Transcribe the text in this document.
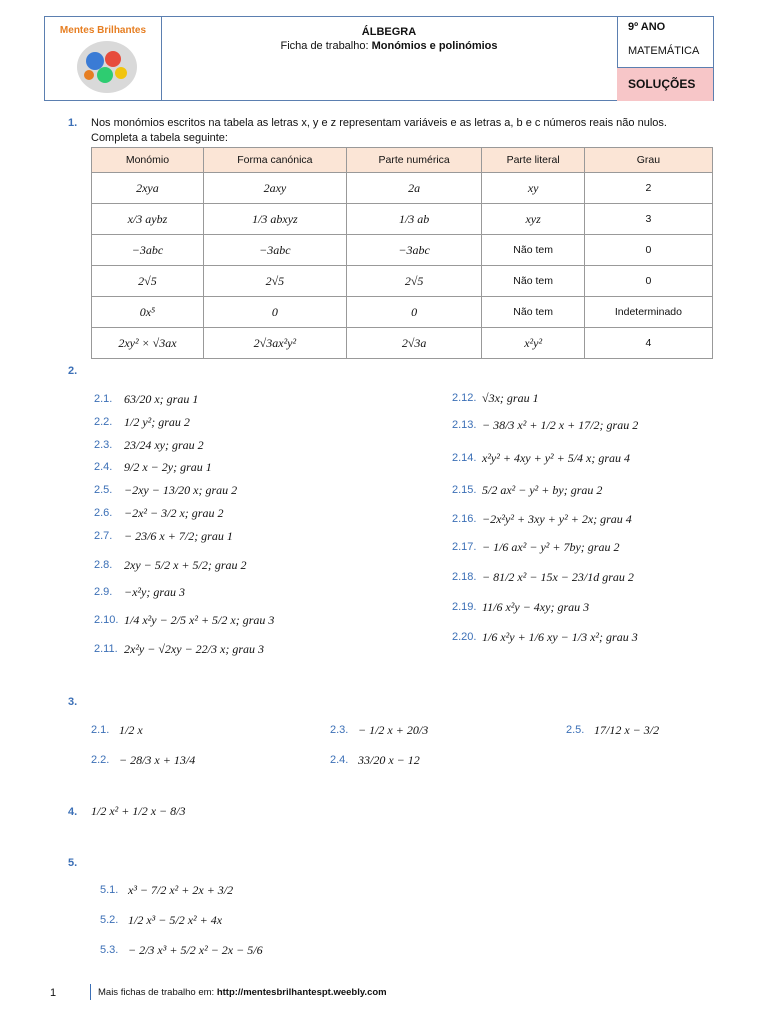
Mentes Brilhantes	ÁLBEGRA
Ficha de trabalho: Monómios e polinómios
9º ANO
MATEMÁTICA
SOLUÇÕES
1. Nos monómios escritos na tabela as letras x, y e z representam variáveis e as letras a, b e c números reais não nulos.
Completa a tabela seguinte:
Monómio	Forma canónica	Parte numérica	Parte literal	Grau
2xya	2axy	2a	xy	2
x/3 aybz	1/3 abxyz	1/3 ab	xyz	3
−3abc	−3abc	−3abc	Não tem	0
2√5	2√5	2√5	Não tem	0
0x⁵	0	0	Não tem	Indeterminado
2xy² × √3ax	2√3ax²y²	2√3a	x²y²	4
2.
2.1. 63/20 x; grau 1
2.2. 1/2 y²; grau 2
2.3. 23/24 xy; grau 2
2.4. 9/2 x − 2y; grau 1
2.5. −2xy − 13/20 x; grau 2
2.6. −2x² − 3/2 x; grau 2
2.7. − 23/6 x + 7/2; grau 1
2.8. 2xy − 5/2 x + 5/2; grau 2
2.9. −x²y; grau 3
2.10. 1/4 x²y − 2/5 x² + 5/2 x; grau 3
2.11. 2x²y − √2xy − 22/3 x; grau 3
2.12. √3x; grau 1
2.13. − 38/3 x² + 1/2 x + 17/2; grau 2
2.14. x²y² + 4xy + y² + 5/4 x; grau 4
2.15. 5/2 ax² − y² + by; grau 2
2.16. −2x²y² + 3xy + y² + 2x; grau 4
2.17. − 1/6 ax² − y² + 7by; grau 2
2.18. − 81/2 x² − 15x − 23/1d grau 2
2.19. 11/6 x²y − 4xy; grau 3
2.20. 1/6 x²y + 1/6 xy − 1/3 x²; grau 3
3.
2.1. 1/2 x
2.2. − 28/3 x + 13/4
2.3. − 1/2 x + 20/3
2.4. 33/20 x − 12
2.5. 17/12 x − 3/2
4. 1/2 x² + 1/2 x − 8/3
5.
5.1. x³ − 7/2 x² + 2x + 3/2
5.2. 1/2 x³ − 5/2 x² + 4x
5.3. − 2/3 x³ + 5/2 x² − 2x − 5/6
1	Mais fichas de trabalho em: http://mentesbrilhantespt.weebly.com
